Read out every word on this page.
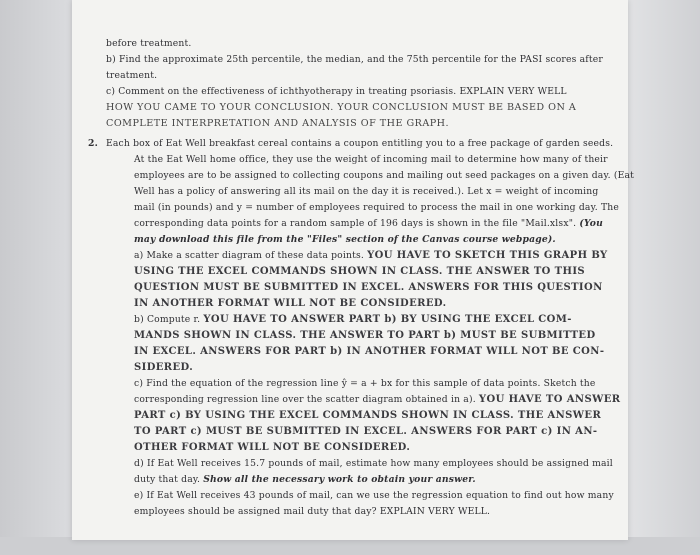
before treatment.
b) Find the approximate 25th percentile, the median, and the 75th percentile for the PASI scores after
treatment.
c) Comment on the effectiveness of ichthyotherapy in treating psoriasis. EXPLAIN VERY WELL
HOW YOU CAME TO YOUR CONCLUSION. YOUR CONCLUSION MUST BE BASED ON A
COMPLETE INTERPRETATION AND ANALYSIS OF THE GRAPH.
2. Each box of Eat Well breakfast cereal contains a coupon entitling you to a free package of garden seeds.
At the Eat Well home office, they use the weight of incoming mail to determine how many of their
employees are to be assigned to collecting coupons and mailing out seed packages on a given day. (Eat
Well has a policy of answering all its mail on the day it is received.). Let x = weight of incoming
mail (in pounds) and y = number of employees required to process the mail in one working day. The
corresponding data points for a random sample of 196 days is shown in the file "Mail.xlsx". (You
may download this file from the "Files" section of the Canvas course webpage).
a) Make a scatter diagram of these data points. YOU HAVE TO SKETCH THIS GRAPH BY
USING THE EXCEL COMMANDS SHOWN IN CLASS. THE ANSWER TO THIS
QUESTION MUST BE SUBMITTED IN EXCEL. ANSWERS FOR THIS QUESTION
IN ANOTHER FORMAT WILL NOT BE CONSIDERED.
b) Compute r. YOU HAVE TO ANSWER PART b) BY USING THE EXCEL COM-
MANDS SHOWN IN CLASS. THE ANSWER TO PART b) MUST BE SUBMITTED
IN EXCEL. ANSWERS FOR PART b) IN ANOTHER FORMAT WILL NOT BE CON-
SIDERED.
c) Find the equation of the regression line ŷ = a + bx for this sample of data points. Sketch the
corresponding regression line over the scatter diagram obtained in a). YOU HAVE TO ANSWER
PART c) BY USING THE EXCEL COMMANDS SHOWN IN CLASS. THE ANSWER
TO PART c) MUST BE SUBMITTED IN EXCEL. ANSWERS FOR PART c) IN AN-
OTHER FORMAT WILL NOT BE CONSIDERED.
d) If Eat Well receives 15.7 pounds of mail, estimate how many employees should be assigned mail
duty that day. Show all the necessary work to obtain your answer.
e) If Eat Well receives 43 pounds of mail, can we use the regression equation to find out how many
employees should be assigned mail duty that day? EXPLAIN VERY WELL.
